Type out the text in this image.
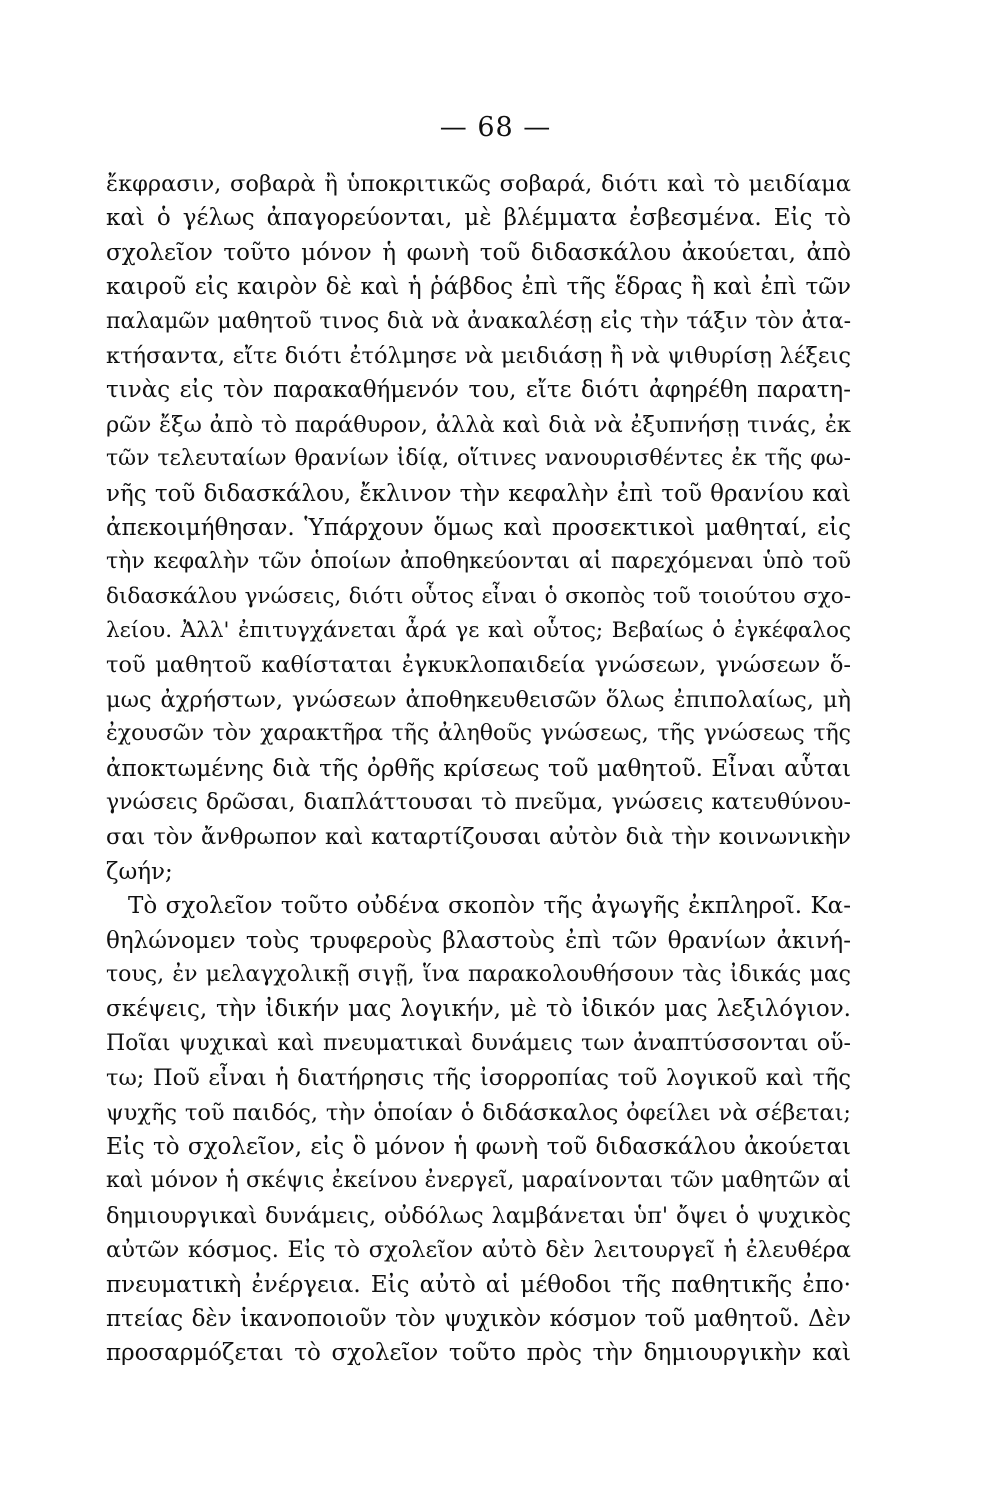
— 68 —
ἔκφρασιν, σοβαρὰ ἢ ὑποκριτικῶς σοβαρά, διότι καὶ τὸ μειδίαμα
καὶ ὁ γέλως ἀπαγορεύονται, μὲ βλέμματα ἐσβεσμένα. Εἰς τὸ
σχολεῖον τοῦτο μόνον ἡ φωνὴ τοῦ διδασκάλου ἀκούεται, ἀπὸ
καιροῦ εἰς καιρὸν δὲ καὶ ἡ ῥάβδος ἐπὶ τῆς ἕδρας ἢ καὶ ἐπὶ τῶν
παλαμῶν μαθητοῦ τινος διὰ νὰ ἀνακαλέσῃ εἰς τὴν τάξιν τὸν ἀτα-
κτήσαντα, εἴτε διότι ἐτόλμησε νὰ μειδιάσῃ ἢ νὰ ψιθυρίσῃ λέξεις
τινὰς εἰς τὸν παρακαθήμενόν του, εἴτε διότι ἀφηρέθη παρατη-
ρῶν ἔξω ἀπὸ τὸ παράθυρον, ἀλλὰ καὶ διὰ νὰ ἐξυπνήσῃ τινάς, ἐκ
τῶν τελευταίων θρανίων ἰδίᾳ, οἵτινες νανουρισθέντες ἐκ τῆς φω-
νῆς τοῦ διδασκάλου, ἔκλινον τὴν κεφαλὴν ἐπὶ τοῦ θρανίου καὶ
ἀπεκοιμήθησαν. Ὑπάρχουν ὅμως καὶ προσεκτικοὶ μαθηταί, εἰς
τὴν κεφαλὴν τῶν ὁποίων ἀποθηκεύονται αἱ παρεχόμεναι ὑπὸ τοῦ
διδασκάλου γνώσεις, διότι οὗτος εἶναι ὁ σκοπὸς τοῦ τοιούτου σχο-
λείου. Ἀλλ' ἐπιτυγχάνεται ἆρά γε καὶ οὗτος; Βεβαίως ὁ ἐγκέφαλος
τοῦ μαθητοῦ καθίσταται ἐγκυκλοπαιδεία γνώσεων, γνώσεων ὅ-
μως ἀχρήστων, γνώσεων ἀποθηκευθεισῶν ὅλως ἐπιπολαίως, μὴ
ἐχουσῶν τὸν χαρακτῆρα τῆς ἀληθοῦς γνώσεως, τῆς γνώσεως τῆς
ἀποκτωμένης διὰ τῆς ὀρθῆς κρίσεως τοῦ μαθητοῦ. Εἶναι αὗται
γνώσεις δρῶσαι, διαπλάττουσαι τὸ πνεῦμα, γνώσεις κατευθύνου-
σαι τὸν ἄνθρωπον καὶ καταρτίζουσαι αὐτὸν διὰ τὴν κοινωνικὴν
ζωήν;
Τὸ σχολεῖον τοῦτο οὐδένα σκοπὸν τῆς ἀγωγῆς ἐκπληροῖ. Κα-
θηλώνομεν τοὺς τρυφεροὺς βλαστοὺς ἐπὶ τῶν θρανίων ἀκινή-
τους, ἐν μελαγχολικῇ σιγῇ, ἵνα παρακολουθήσουν τὰς ἰδικάς μας
σκέψεις, τὴν ἰδικήν μας λογικήν, μὲ τὸ ἰδικόν μας λεξιλόγιον.
Ποῖαι ψυχικαὶ καὶ πνευματικαὶ δυνάμεις των ἀναπτύσσονται οὕ-
τω; Ποῦ εἶναι ἡ διατήρησις τῆς ἰσορροπίας τοῦ λογικοῦ καὶ τῆς
ψυχῆς τοῦ παιδός, τὴν ὁποίαν ὁ διδάσκαλος ὀφείλει νὰ σέβεται;
Εἰς τὸ σχολεῖον, εἰς ὃ μόνον ἡ φωνὴ τοῦ διδασκάλου ἀκούεται
καὶ μόνον ἡ σκέψις ἐκείνου ἐνεργεῖ, μαραίνονται τῶν μαθητῶν αἱ
δημιουργικαὶ δυνάμεις, οὐδόλως λαμβάνεται ὑπ' ὄψει ὁ ψυχικὸς
αὐτῶν κόσμος. Εἰς τὸ σχολεῖον αὐτὸ δὲν λειτουργεῖ ἡ ἐλευθέρα
πνευματικὴ ἐνέργεια. Εἰς αὐτὸ αἱ μέθοδοι τῆς παθητικῆς ἐπο·
πτείας δὲν ἱκανοποιοῦν τὸν ψυχικὸν κόσμον τοῦ μαθητοῦ. Δὲν
προσαρμόζεται τὸ σχολεῖον τοῦτο πρὸς τὴν δημιουργικὴν καὶ
